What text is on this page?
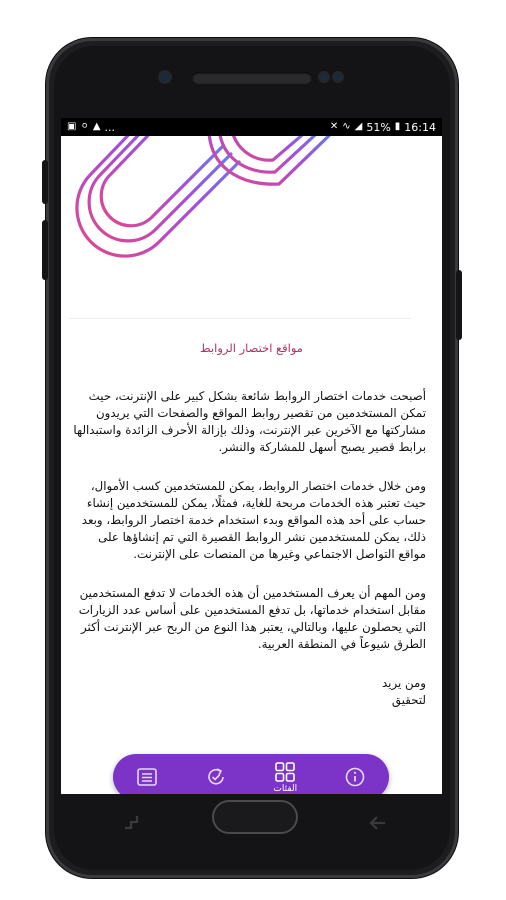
▣ ⚪ ▲ ...	✕ ∿ ◢ 51% ▮ 16:14
مواقع اختصار الروابط

أصبحت خدمات اختصار الروابط شائعة بشكل كبير على الإنترنت، حيث تمكن المستخدمين من تقصير روابط المواقع والصفحات التي يريدون مشاركتها مع الآخرين عبر الإنترنت، وذلك بإزالة الأحرف الزائدة واستبدالها برابط قصير يصبح أسهل للمشاركة والنشر.

ومن خلال خدمات اختصار الروابط، يمكن للمستخدمين كسب الأموال، حيث تعتبر هذه الخدمات مربحة للغاية، فمثلًا، يمكن للمستخدمين إنشاء حساب على أحد هذه المواقع وبدء استخدام خدمة اختصار الروابط، وبعد ذلك، يمكن للمستخدمين نشر الروابط القصيرة التي تم إنشاؤها على مواقع التواصل الاجتماعي وغيرها من المنصات على الإنترنت.

ومن المهم أن يعرف المستخدمين أن هذه الخدمات لا تدفع المستخدمين مقابل استخدام خدماتها، بل تدفع المستخدمين على أساس عدد الزيارات التي يحصلون عليها، وبالتالي، يعتبر هذا النوع من الربح عبر الإنترنت أكثر الطرق شيوعاً في المنطقة العربية.

ومن يريد

لتحقيق

الفئات
